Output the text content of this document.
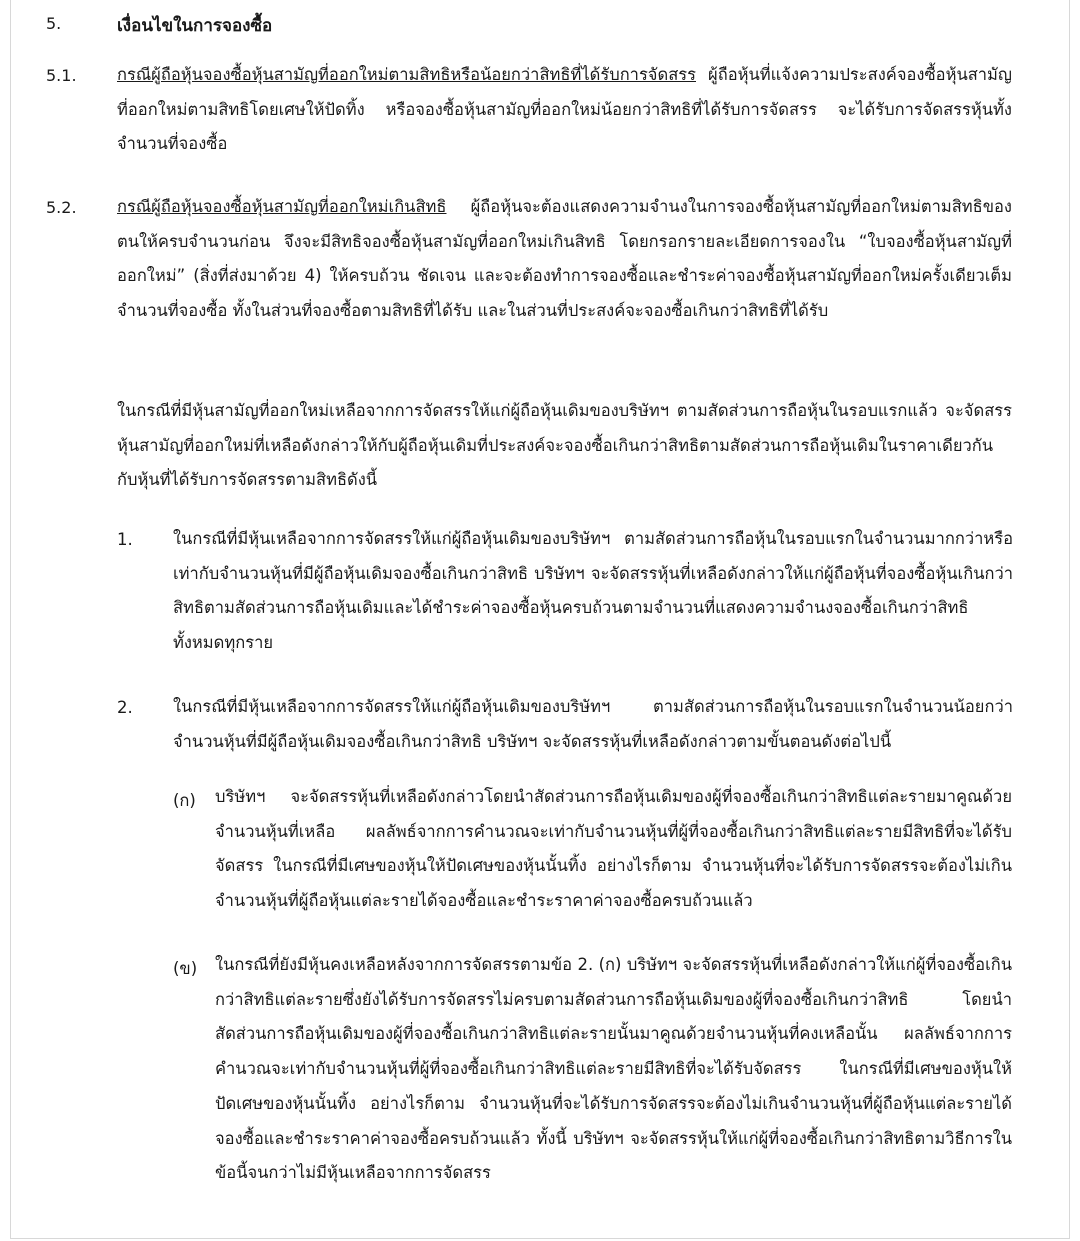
5.	เงื่อนไขในการจองซื้อ
5.1. กรณีผู้ถือหุ้นจองซื้อหุ้นสามัญที่ออกใหม่ตามสิทธิหรือน้อยกว่าสิทธิที่ได้รับการจัดสรร ผู้ถือหุ้นที่แจ้งความประสงค์จองซื้อหุ้นสามัญที่ออกใหม่ตามสิทธิโดยเศษให้ปัดทิ้ง หรือจองซื้อหุ้นสามัญที่ออกใหม่น้อยกว่าสิทธิที่ได้รับการจัดสรร จะได้รับการจัดสรรหุ้นทั้งจำนวนที่จองซื้อ
5.2. กรณีผู้ถือหุ้นจองซื้อหุ้นสามัญที่ออกใหม่เกินสิทธิ ผู้ถือหุ้นจะต้องแสดงความจำนงในการจองซื้อหุ้นสามัญที่ออกใหม่ตามสิทธิของตนให้ครบจำนวนก่อน จึงจะมีสิทธิจองซื้อหุ้นสามัญที่ออกใหม่เกินสิทธิ โดยกรอกรายละเอียดการจองใน “ใบจองซื้อหุ้นสามัญที่ออกใหม่” (สิ่งที่ส่งมาด้วย 4) ให้ครบถ้วน ชัดเจน และจะต้องทำการจองซื้อและชำระค่าจองซื้อหุ้นสามัญที่ออกใหม่ครั้งเดียวเต็มจำนวนที่จองซื้อ ทั้งในส่วนที่จองซื้อตามสิทธิที่ได้รับ และในส่วนที่ประสงค์จะจองซื้อเกินกว่าสิทธิที่ได้รับ
ในกรณีที่มีหุ้นสามัญที่ออกใหม่เหลือจากการจัดสรรให้แก่ผู้ถือหุ้นเดิมของบริษัทฯ ตามสัดส่วนการถือหุ้นในรอบแรกแล้ว จะจัดสรรหุ้นสามัญที่ออกใหม่ที่เหลือดังกล่าวให้กับผู้ถือหุ้นเดิมที่ประสงค์จะจองซื้อเกินกว่าสิทธิตามสัดส่วนการถือหุ้นเดิมในราคาเดียวกันกับหุ้นที่ได้รับการจัดสรรตามสิทธิดังนี้
1. ในกรณีที่มีหุ้นเหลือจากการจัดสรรให้แก่ผู้ถือหุ้นเดิมของบริษัทฯ ตามสัดส่วนการถือหุ้นในรอบแรกในจำนวนมากกว่าหรือเท่ากับจำนวนหุ้นที่มีผู้ถือหุ้นเดิมจองซื้อเกินกว่าสิทธิ บริษัทฯ จะจัดสรรหุ้นที่เหลือดังกล่าวให้แก่ผู้ถือหุ้นที่จองซื้อหุ้นเกินกว่าสิทธิตามสัดส่วนการถือหุ้นเดิมและได้ชำระค่าจองซื้อหุ้นครบถ้วนตามจำนวนที่แสดงความจำนงจองซื้อเกินกว่าสิทธิทั้งหมดทุกราย
2. ในกรณีที่มีหุ้นเหลือจากการจัดสรรให้แก่ผู้ถือหุ้นเดิมของบริษัทฯ ตามสัดส่วนการถือหุ้นในรอบแรกในจำนวนน้อยกว่าจำนวนหุ้นที่มีผู้ถือหุ้นเดิมจองซื้อเกินกว่าสิทธิ บริษัทฯ จะจัดสรรหุ้นที่เหลือดังกล่าวตามขั้นตอนดังต่อไปนี้
(ก) บริษัทฯ จะจัดสรรหุ้นที่เหลือดังกล่าวโดยนำสัดส่วนการถือหุ้นเดิมของผู้ที่จองซื้อเกินกว่าสิทธิแต่ละรายมาคูณด้วยจำนวนหุ้นที่เหลือ ผลลัพธ์จากการคำนวณจะเท่ากับจำนวนหุ้นที่ผู้ที่จองซื้อเกินกว่าสิทธิแต่ละรายมีสิทธิที่จะได้รับจัดสรร ในกรณีที่มีเศษของหุ้นให้ปัดเศษของหุ้นนั้นทิ้ง อย่างไรก็ตาม จำนวนหุ้นที่จะได้รับการจัดสรรจะต้องไม่เกินจำนวนหุ้นที่ผู้ถือหุ้นแต่ละรายได้จองซื้อและชำระราคาค่าจองซื้อครบถ้วนแล้ว
(ข) ในกรณีที่ยังมีหุ้นคงเหลือหลังจากการจัดสรรตามข้อ 2. (ก) บริษัทฯ จะจัดสรรหุ้นที่เหลือดังกล่าวให้แก่ผู้ที่จองซื้อเกินกว่าสิทธิแต่ละรายซึ่งยังได้รับการจัดสรรไม่ครบตามสัดส่วนการถือหุ้นเดิมของผู้ที่จองซื้อเกินกว่าสิทธิ โดยนำสัดส่วนการถือหุ้นเดิมของผู้ที่จองซื้อเกินกว่าสิทธิแต่ละรายนั้นมาคูณด้วยจำนวนหุ้นที่คงเหลือนั้น ผลลัพธ์จากการคำนวณจะเท่ากับจำนวนหุ้นที่ผู้ที่จองซื้อเกินกว่าสิทธิแต่ละรายมีสิทธิที่จะได้รับจัดสรร ในกรณีที่มีเศษของหุ้นให้ปัดเศษของหุ้นนั้นทิ้ง อย่างไรก็ตาม จำนวนหุ้นที่จะได้รับการจัดสรรจะต้องไม่เกินจำนวนหุ้นที่ผู้ถือหุ้นแต่ละรายได้จองซื้อและชำระราคาค่าจองซื้อครบถ้วนแล้ว ทั้งนี้ บริษัทฯ จะจัดสรรหุ้นให้แก่ผู้ที่จองซื้อเกินกว่าสิทธิตามวิธีการในข้อนี้จนกว่าไม่มีหุ้นเหลือจากการจัดสรร
